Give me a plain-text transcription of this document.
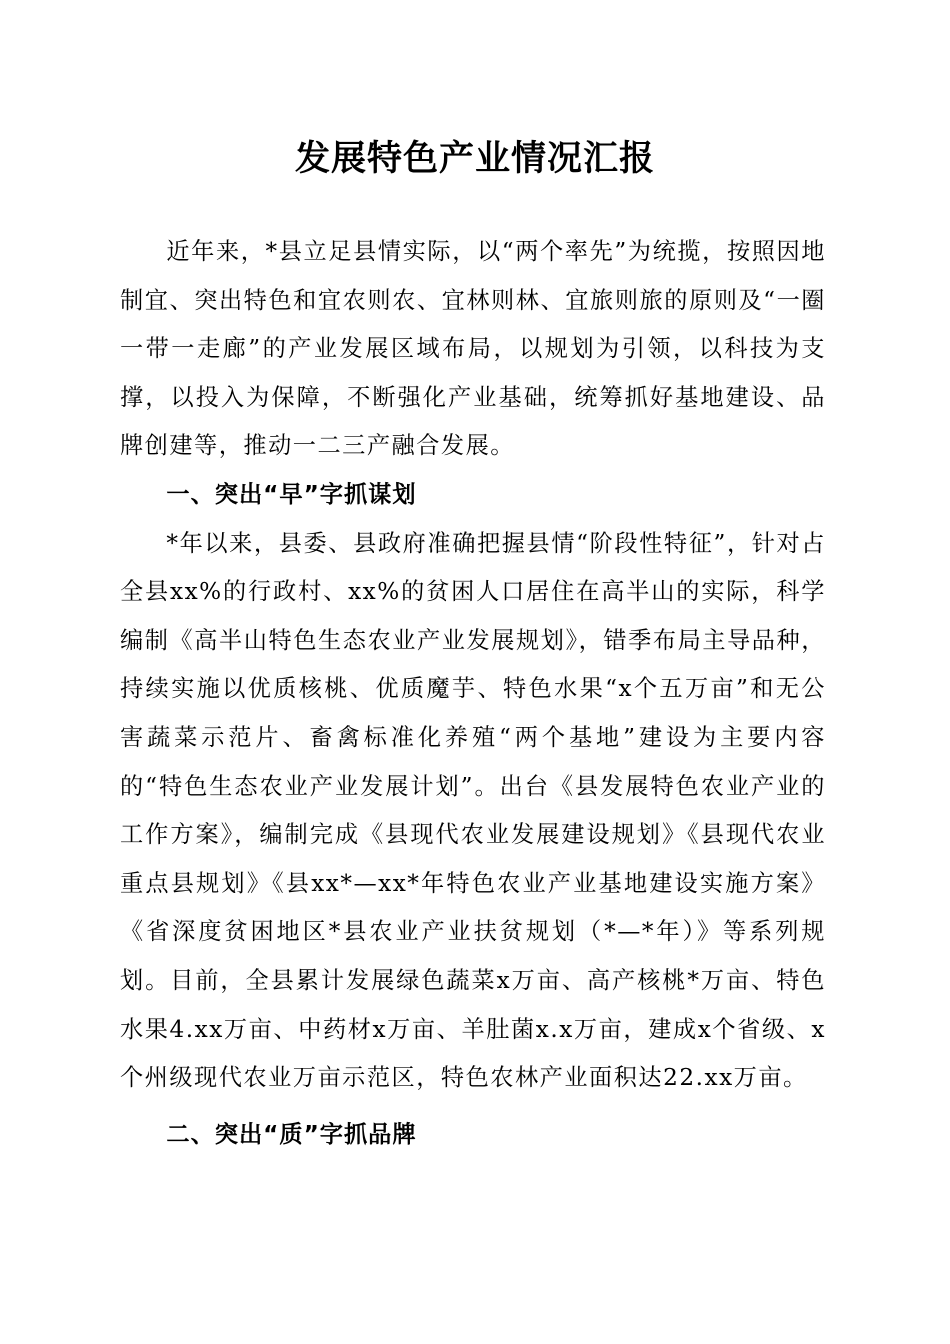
发展特色产业情况汇报

近年来，*县立足县情实际，以“两个率先”为统揽，按照因地制宜、突出特色和宜农则农、宜林则林、宜旅则旅的原则及“一圈一带一走廊”的产业发展区域布局，以规划为引领，以科技为支撑，以投入为保障，不断强化产业基础，统筹抓好基地建设、品牌创建等，推动一二三产融合发展。

一、突出“早”字抓谋划

*年以来，县委、县政府准确把握县情“阶段性特征”，针对占全县xx%的行政村、xx%的贫困人口居住在高半山的实际，科学编制《高半山特色生态农业产业发展规划》，错季布局主导品种，持续实施以优质核桃、优质魔芋、特色水果“x个五万亩”和无公害蔬菜示范片、畜禽标准化养殖“两个基地”建设为主要内容的“特色生态农业产业发展计划”。出台《县发展特色农业产业的工作方案》，编制完成《县现代农业发展建设规划》《县现代农业重点县规划》《县xx*—xx*年特色农业产业基地建设实施方案》《省深度贫困地区*县农业产业扶贫规划（*—*年）》等系列规划。目前，全县累计发展绿色蔬菜x万亩、高产核桃*万亩、特色水果4.xx万亩、中药材x万亩、羊肚菌x.x万亩，建成x个省级、x个州级现代农业万亩示范区，特色农林产业面积达22.xx万亩。

二、突出“质”字抓品牌
